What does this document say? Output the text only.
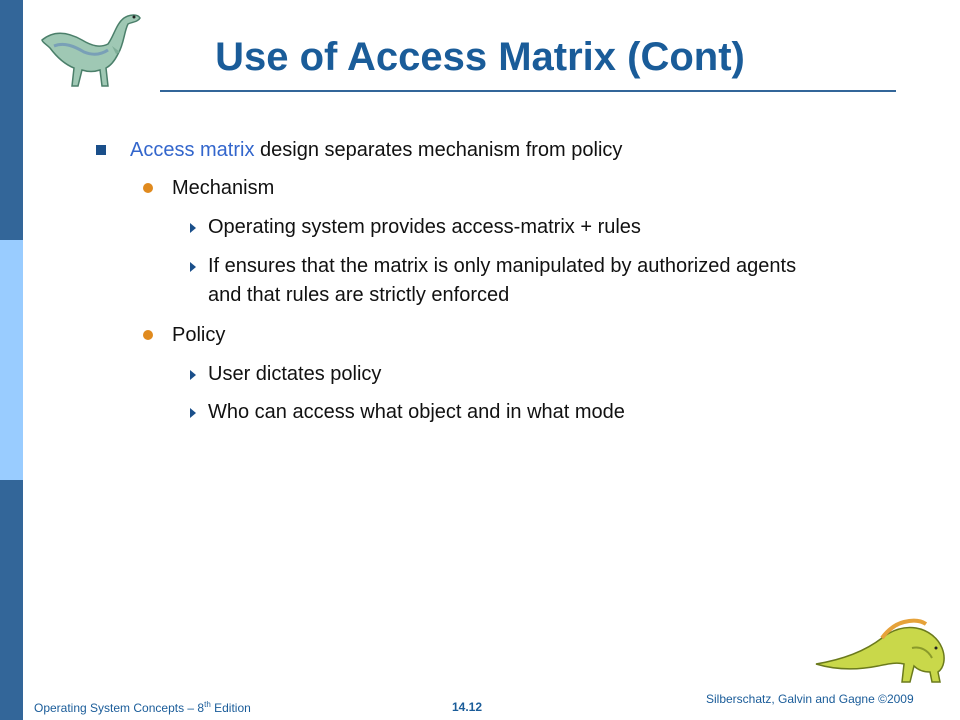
Use of Access Matrix (Cont)
Access matrix design separates mechanism from policy
Mechanism
Operating system provides access-matrix + rules
If ensures that the matrix is only manipulated by authorized agents
and that rules are strictly enforced
Policy
User dictates policy
Who can access what object and in what mode
Operating System Concepts – 8th Edition	14.12
Silberschatz, Galvin and Gagne ©2009
